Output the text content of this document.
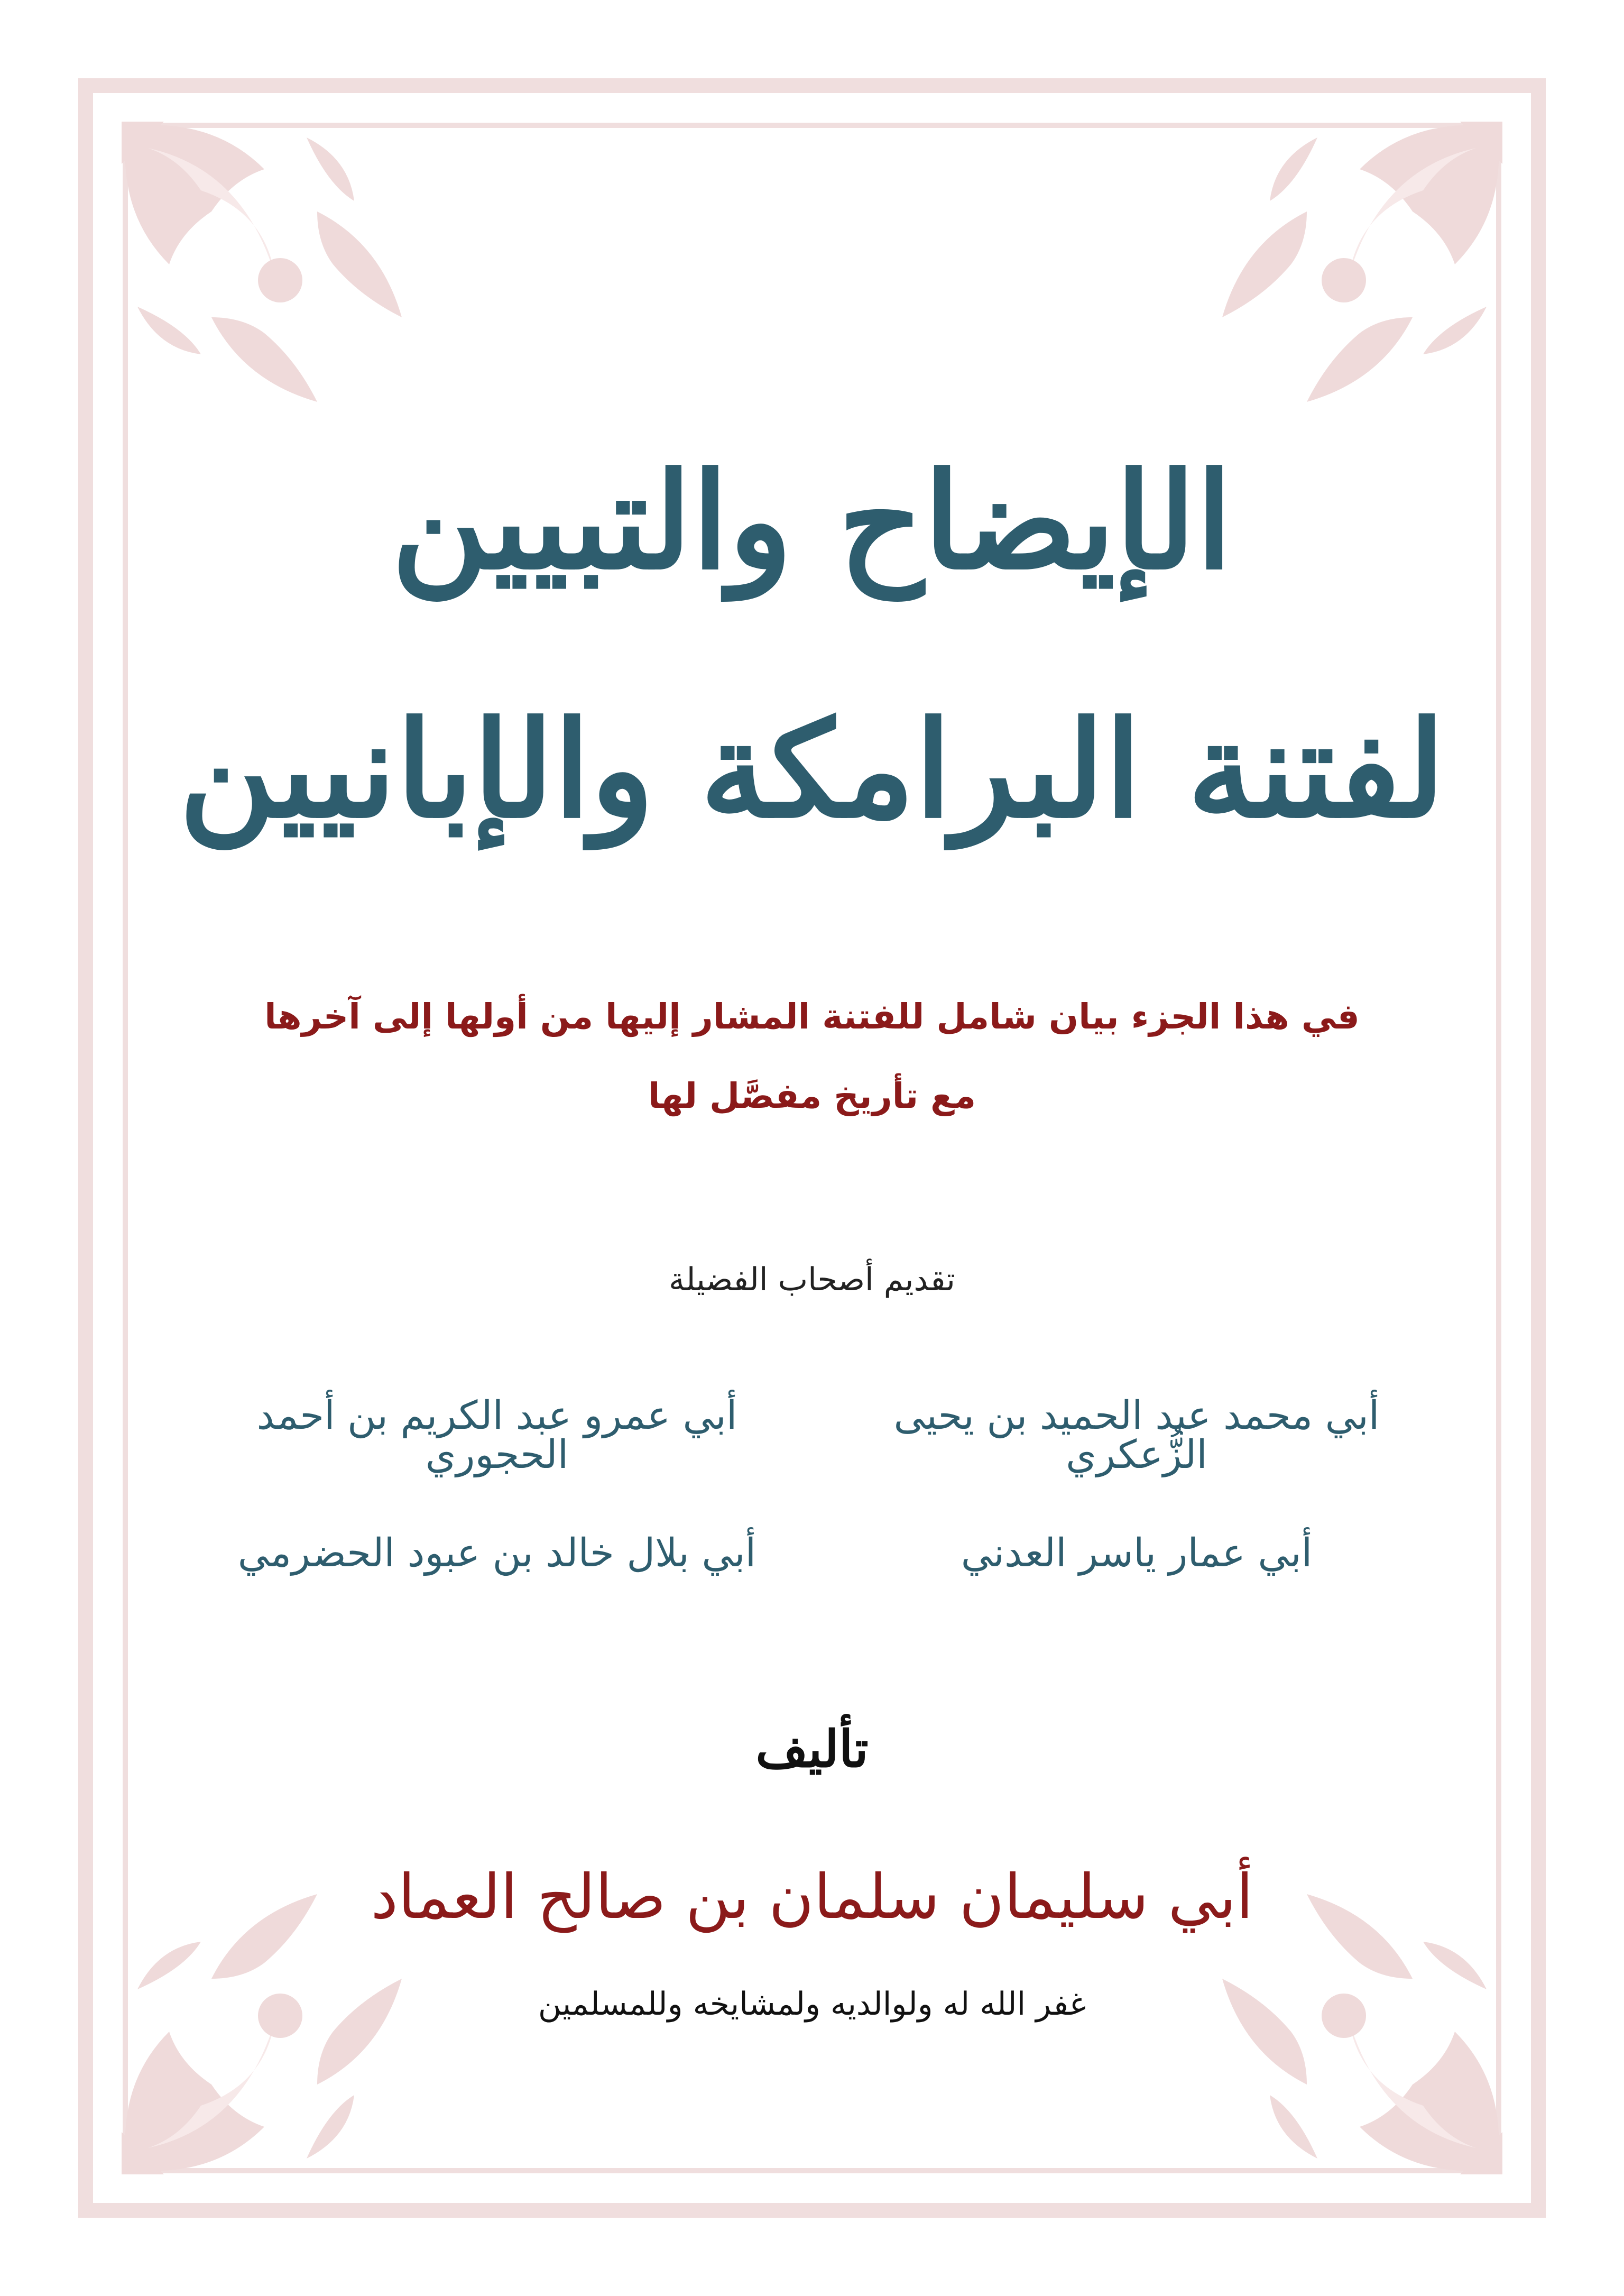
الإيضاح والتبيين
لفتنة البرامكة والإبانيين
في هذا الجزء بيان شامل للفتنة المشار إليها من أولها إلى آخرها
مع تأريخ مفصَّل لها
تقديم أصحاب الفضيلة
أبي محمد عبد الحميد بن يحيى الزُّعكري
أبي عمرو عبد الكريم بن أحمد الحجوري
أبي عمار ياسر العدني
أبي بلال خالد بن عبود الحضرمي
تأليف
أبي سليمان سلمان بن صالح العماد
غفر الله له ولوالديه ولمشايخه وللمسلمين
